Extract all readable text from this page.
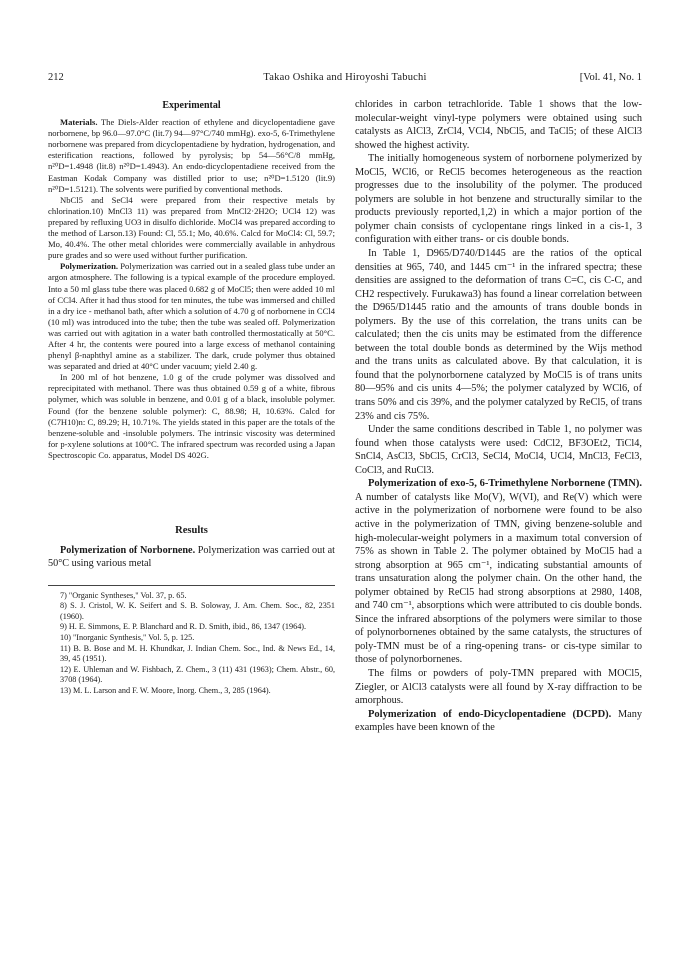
212	Takao Oshika and Hiroyoshi Tabuchi	[Vol. 41, No. 1
Experimental

Materials. The Diels-Alder reaction of ethylene and dicyclopentadiene gave norbornene, bp 96.0—97.0°C (lit.7) 94—97°C/740 mmHg). exo-5, 6-Trimethylene norbornene was prepared from dicyclopentadiene by hydration, hydrogenation, and esterification reactions, followed by pyrolysis; bp 54—56°C/8 mmHg, n²⁰D=1.4948 (lit.8) n²⁰D=1.4943). An endo-dicyclopentadiene received from the Eastman Kodak Company was distilled prior to use; n²⁰D=1.5120 (lit.9) n²⁰D=1.5121). The solvents were purified by conventional methods.

NbCl5 and SeCl4 were prepared from their respective metals by chlorination.10) MnCl3 11) was prepared from MnCl2·2H2O; UCl4 12) was prepared by refluxing UO3 in disulfo dichloride. MoCl4 was prepared according to the method of Larson.13) Found: Cl, 55.1; Mo, 40.6%. Calcd for MoCl4: Cl, 59.7; Mo, 40.4%. The other metal chlorides were commercially available in anhydrous pure grades and so were used without further purification.

Polymerization. Polymerization was carried out in a sealed glass tube under an argon atmosphere. The following is a typical example of the procedure employed. Into a 50 ml glass tube there was placed 0.682 g of MoCl5; then were added 10 ml of CCl4. After it had thus stood for ten minutes, the tube was immersed and chilled in a dry ice - methanol bath, after which a solution of 4.70 g of norbornene in CCl4 (10 ml) was introduced into the tube; then the tube was sealed off. Polymerization was carried out with agitation in a water bath controlled thermostatically at 50°C. After 4 hr, the contents were poured into a large excess of methanol containing phenyl β-naphthyl amine as a stabilizer. The dark, crude polymer thus obtained was separated and dried at 40°C under vacuum; yield 2.40 g.

In 200 ml of hot benzene, 1.0 g of the crude polymer was dissolved and reprecipitated with methanol. There was thus obtained 0.59 g of a white, fibrous polymer, which was soluble in benzene, and 0.01 g of a black, insoluble polymer. Found (for the benzene soluble polymer): C, 88.98; H, 10.63%. Calcd for (C7H10)n: C, 89.29; H, 10.71%. The yields stated in this paper are the totals of the benzene-soluble and -insoluble polymers. The intrinsic viscosity was determined for p-xylene solutions at 100°C. The infrared spectrum was recorded using a Japan Spectroscopic Co. apparatus, Model DS 402G.

Results

Polymerization of Norbornene. Polymerization was carried out at 50°C using various metal

7) "Organic Syntheses," Vol. 37, p. 65.
8) S. J. Cristol, W. K. Seifert and S. B. Soloway, J. Am. Chem. Soc., 82, 2351 (1960).
9) H. E. Simmons, E. P. Blanchard and R. D. Smith, ibid., 86, 1347 (1964).
10) "Inorganic Synthesis," Vol. 5, p. 125.
11) B. B. Bose and M. H. Khundkar, J. Indian Chem. Soc., Ind. & News Ed., 14, 39, 45 (1951).
12) E. Uhleman and W. Fishbach, Z. Chem., 3 (11) 431 (1963); Chem. Abstr., 60, 3708 (1964).
13) M. L. Larson and F. W. Moore, Inorg. Chem., 3, 285 (1964).

chlorides in carbon tetrachloride. Table 1 shows that the low-molecular-weight vinyl-type polymers were obtained using such catalysts as AlCl3, ZrCl4, VCl4, NbCl5, and TaCl5; of these AlCl3 showed the highest activity.

The initially homogeneous system of norbornene polymerized by MoCl5, WCl6, or ReCl5 becomes heterogeneous as the reaction progresses due to the insolubility of the polymer. The produced polymers are soluble in hot benzene and structurally similar to the products previously reported,1,2) in which a major portion of the polymer chain consists of cyclopentane rings linked in a cis-1, 3 configuration with either trans- or cis double bonds.

In Table 1, D965/D740/D1445 are the ratios of the optical densities at 965, 740, and 1445 cm⁻¹ in the infrared spectra; these densities are assigned to the deformation of trans C=C, cis C-C, and CH2 respectively. Furukawa3) has found a linear correlation between the D965/D1445 ratio and the amounts of trans double bonds in polymers. By the use of this correlation, the trans units can be calculated; then the cis units may be estimated from the difference between the total double bonds as determined by the Wijs method and the trans units as calculated above. By that calculation, it is found that the polynorbornene catalyzed by MoCl5 is of trans units 80—95% and cis units 4—5%; the polymer catalyzed by WCl6, of trans 50% and cis 39%, and the polymer catalyzed by ReCl5, of trans 23% and cis 75%.

Under the same conditions described in Table 1, no polymer was found when those catalysts were used: CdCl2, BF3OEt2, TiCl4, SnCl4, AsCl3, SbCl5, CrCl3, SeCl4, MoCl4, UCl4, MnCl3, FeCl3, CoCl3, and RuCl3.

Polymerization of exo-5, 6-Trimethylene Norbornene (TMN). A number of catalysts like Mo(V), W(VI), and Re(V) which were active in the polymerization of norbornene were found to be also active in the polymerization of TMN, giving benzene-soluble and high-molecular-weight polymers in a maximum total conversion of 75% as shown in Table 2. The polymer obtained by MoCl5 had a strong absorption at 965 cm⁻¹, indicating substantial amounts of trans unsaturation along the polymer chain. On the other hand, the polymer obtained by ReCl5 had strong absorptions at 2980, 1408, and 740 cm⁻¹, absorptions which were attributed to cis double bonds. Since the infrared absorptions of the polymers were similar to those of polynorbornenes obtained by the same catalysts, the structures of poly-TMN must be of a ring-opening trans- or cis-type similar to those of polynorbornenes.

The films or powders of poly-TMN prepared with MOCl5, Ziegler, or AlCl3 catalysts were all found by X-ray diffraction to be amorphous.

Polymerization of endo-Dicyclopentadiene (DCPD). Many examples have been known of the
